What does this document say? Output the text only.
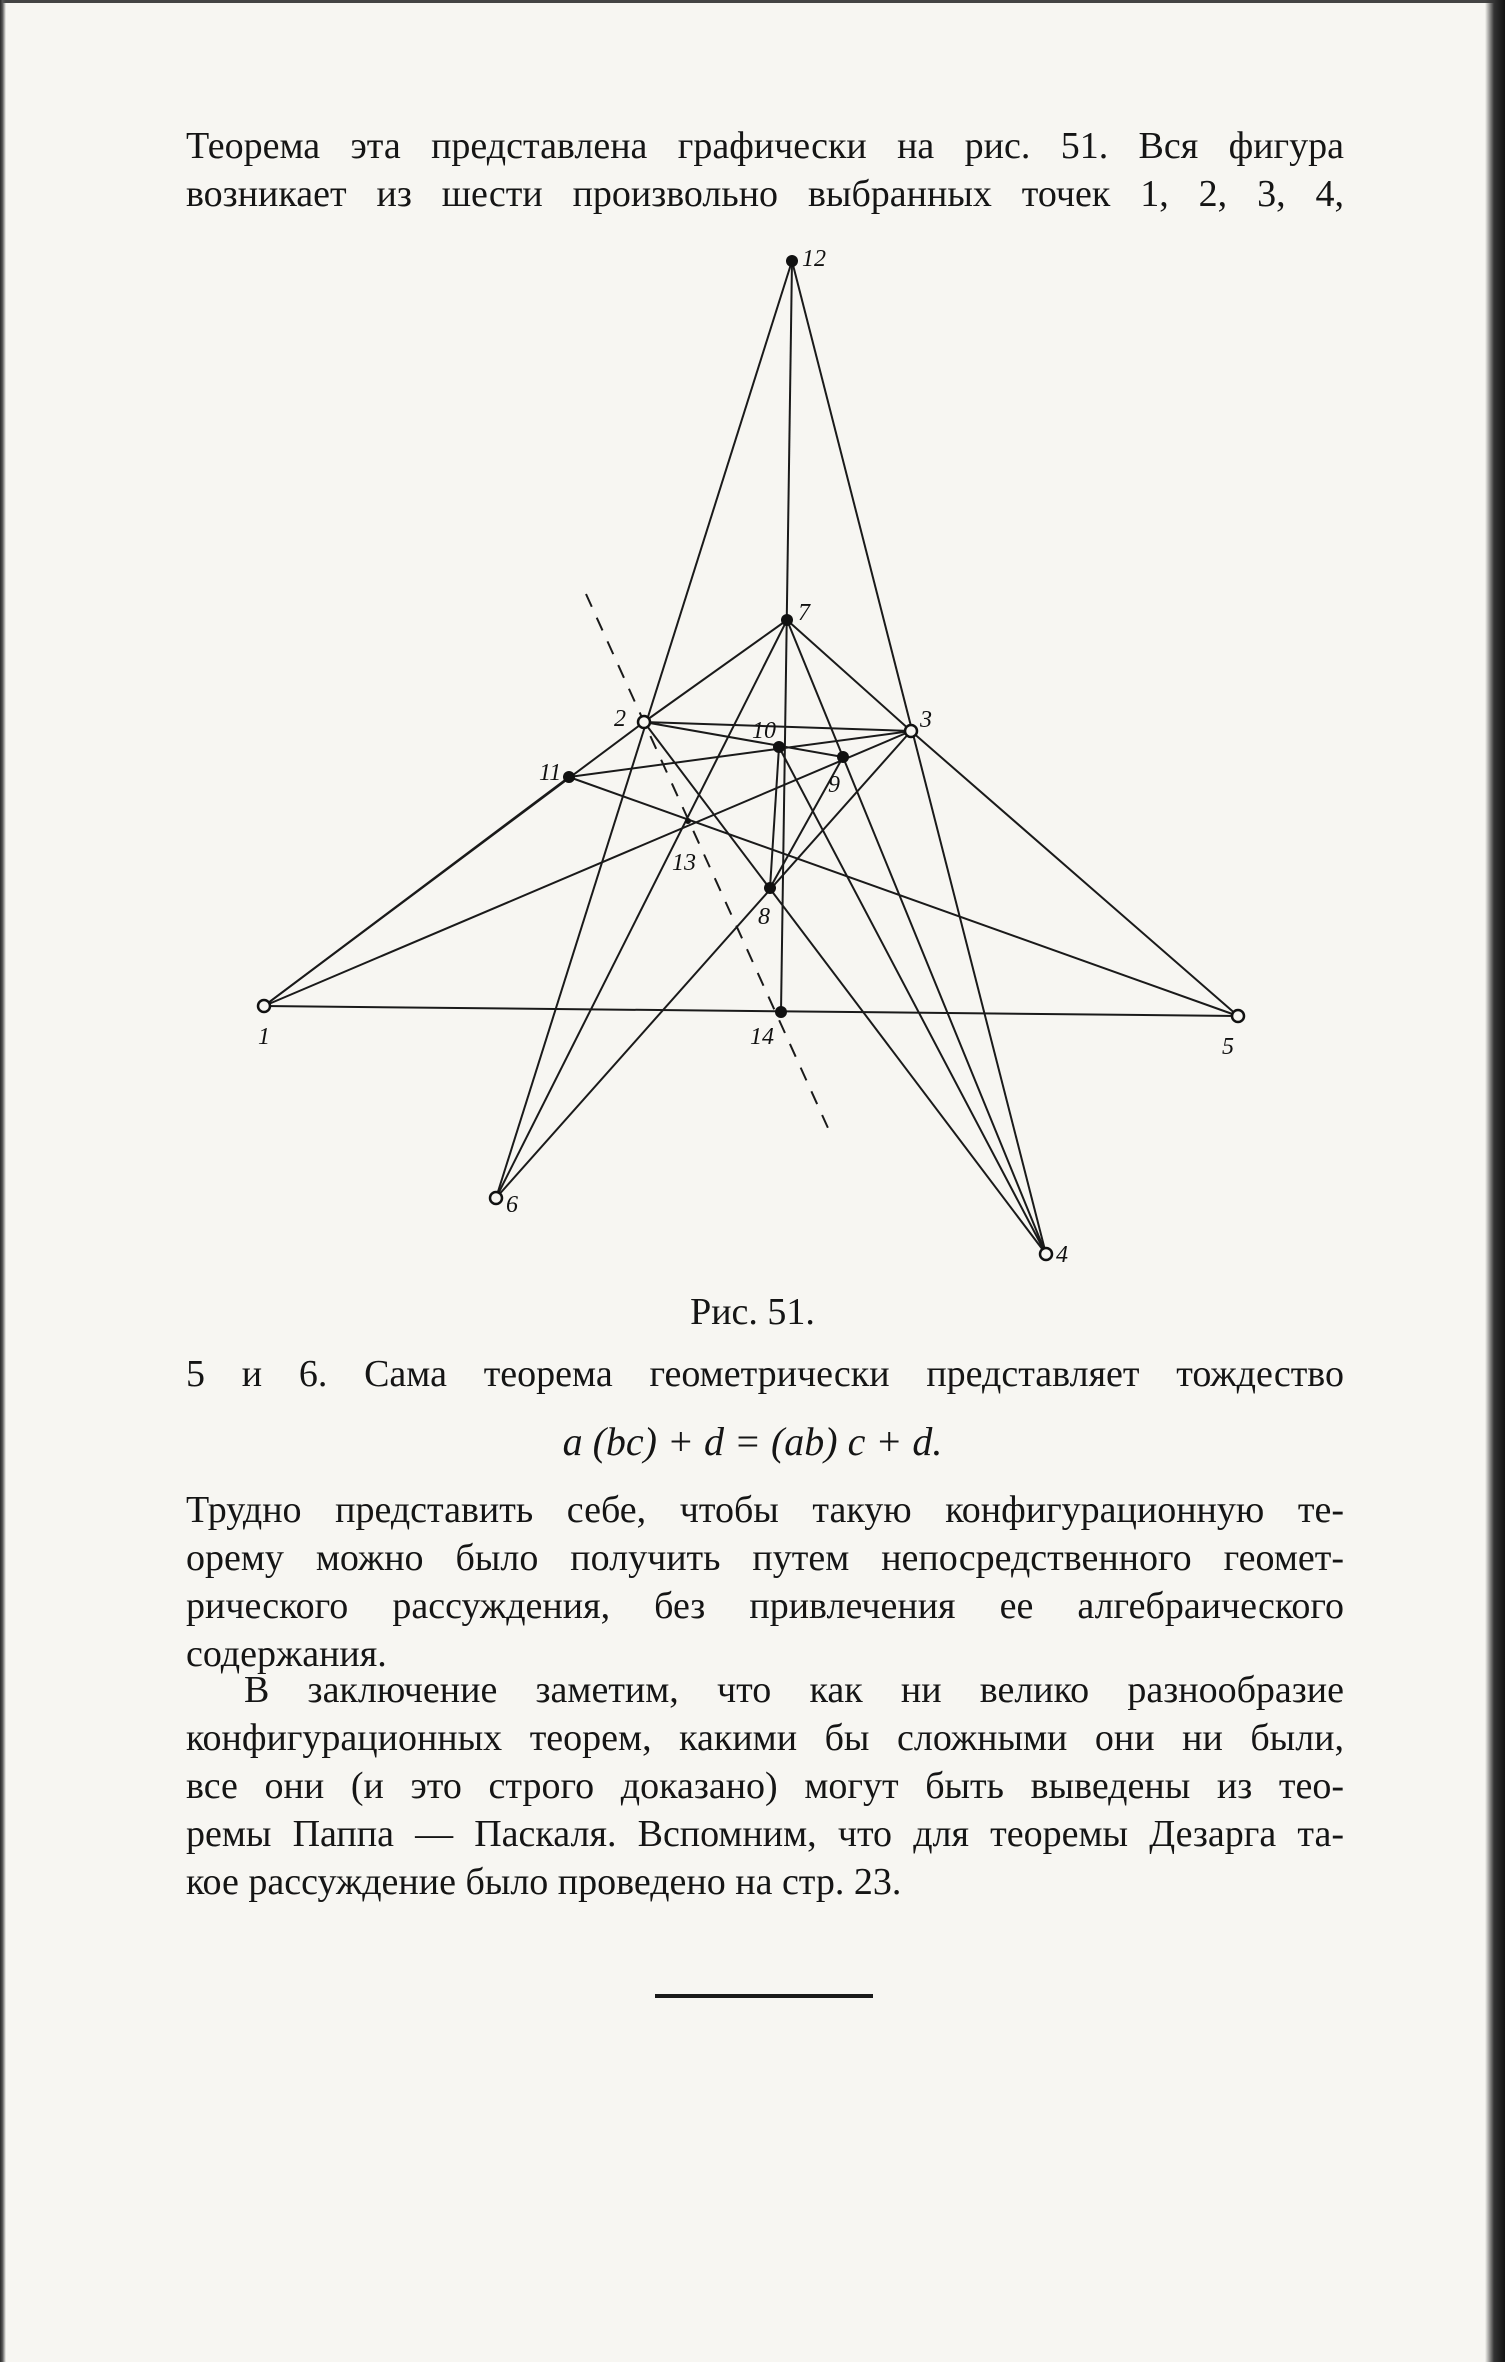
Теорема эта представлена графически на рис. 51. Вся фигура
возникает из шести произвольно выбранных точек 1, 2, 3, 4,
12
7
2	3
10
9
11
13
8
14
1	5
6
4
Рис. 51.
5 и 6. Сама теорема геометрически представляет тождество
a (bc) + d = (ab) c + d.
Трудно представить себе, чтобы такую конфигурационную те-
орему можно было получить путем непосредственного геомет-
рического рассуждения, без привлечения ее алгебраического
содержания.
В заключение заметим, что как ни велико разнообразие
конфигурационных теорем, какими бы сложными они ни были,
все они (и это строго доказано) могут быть выведены из тео-
ремы Паппа — Паскаля. Вспомним, что для теоремы Дезарга та-
кое рассуждение было проведено на стр. 23.
